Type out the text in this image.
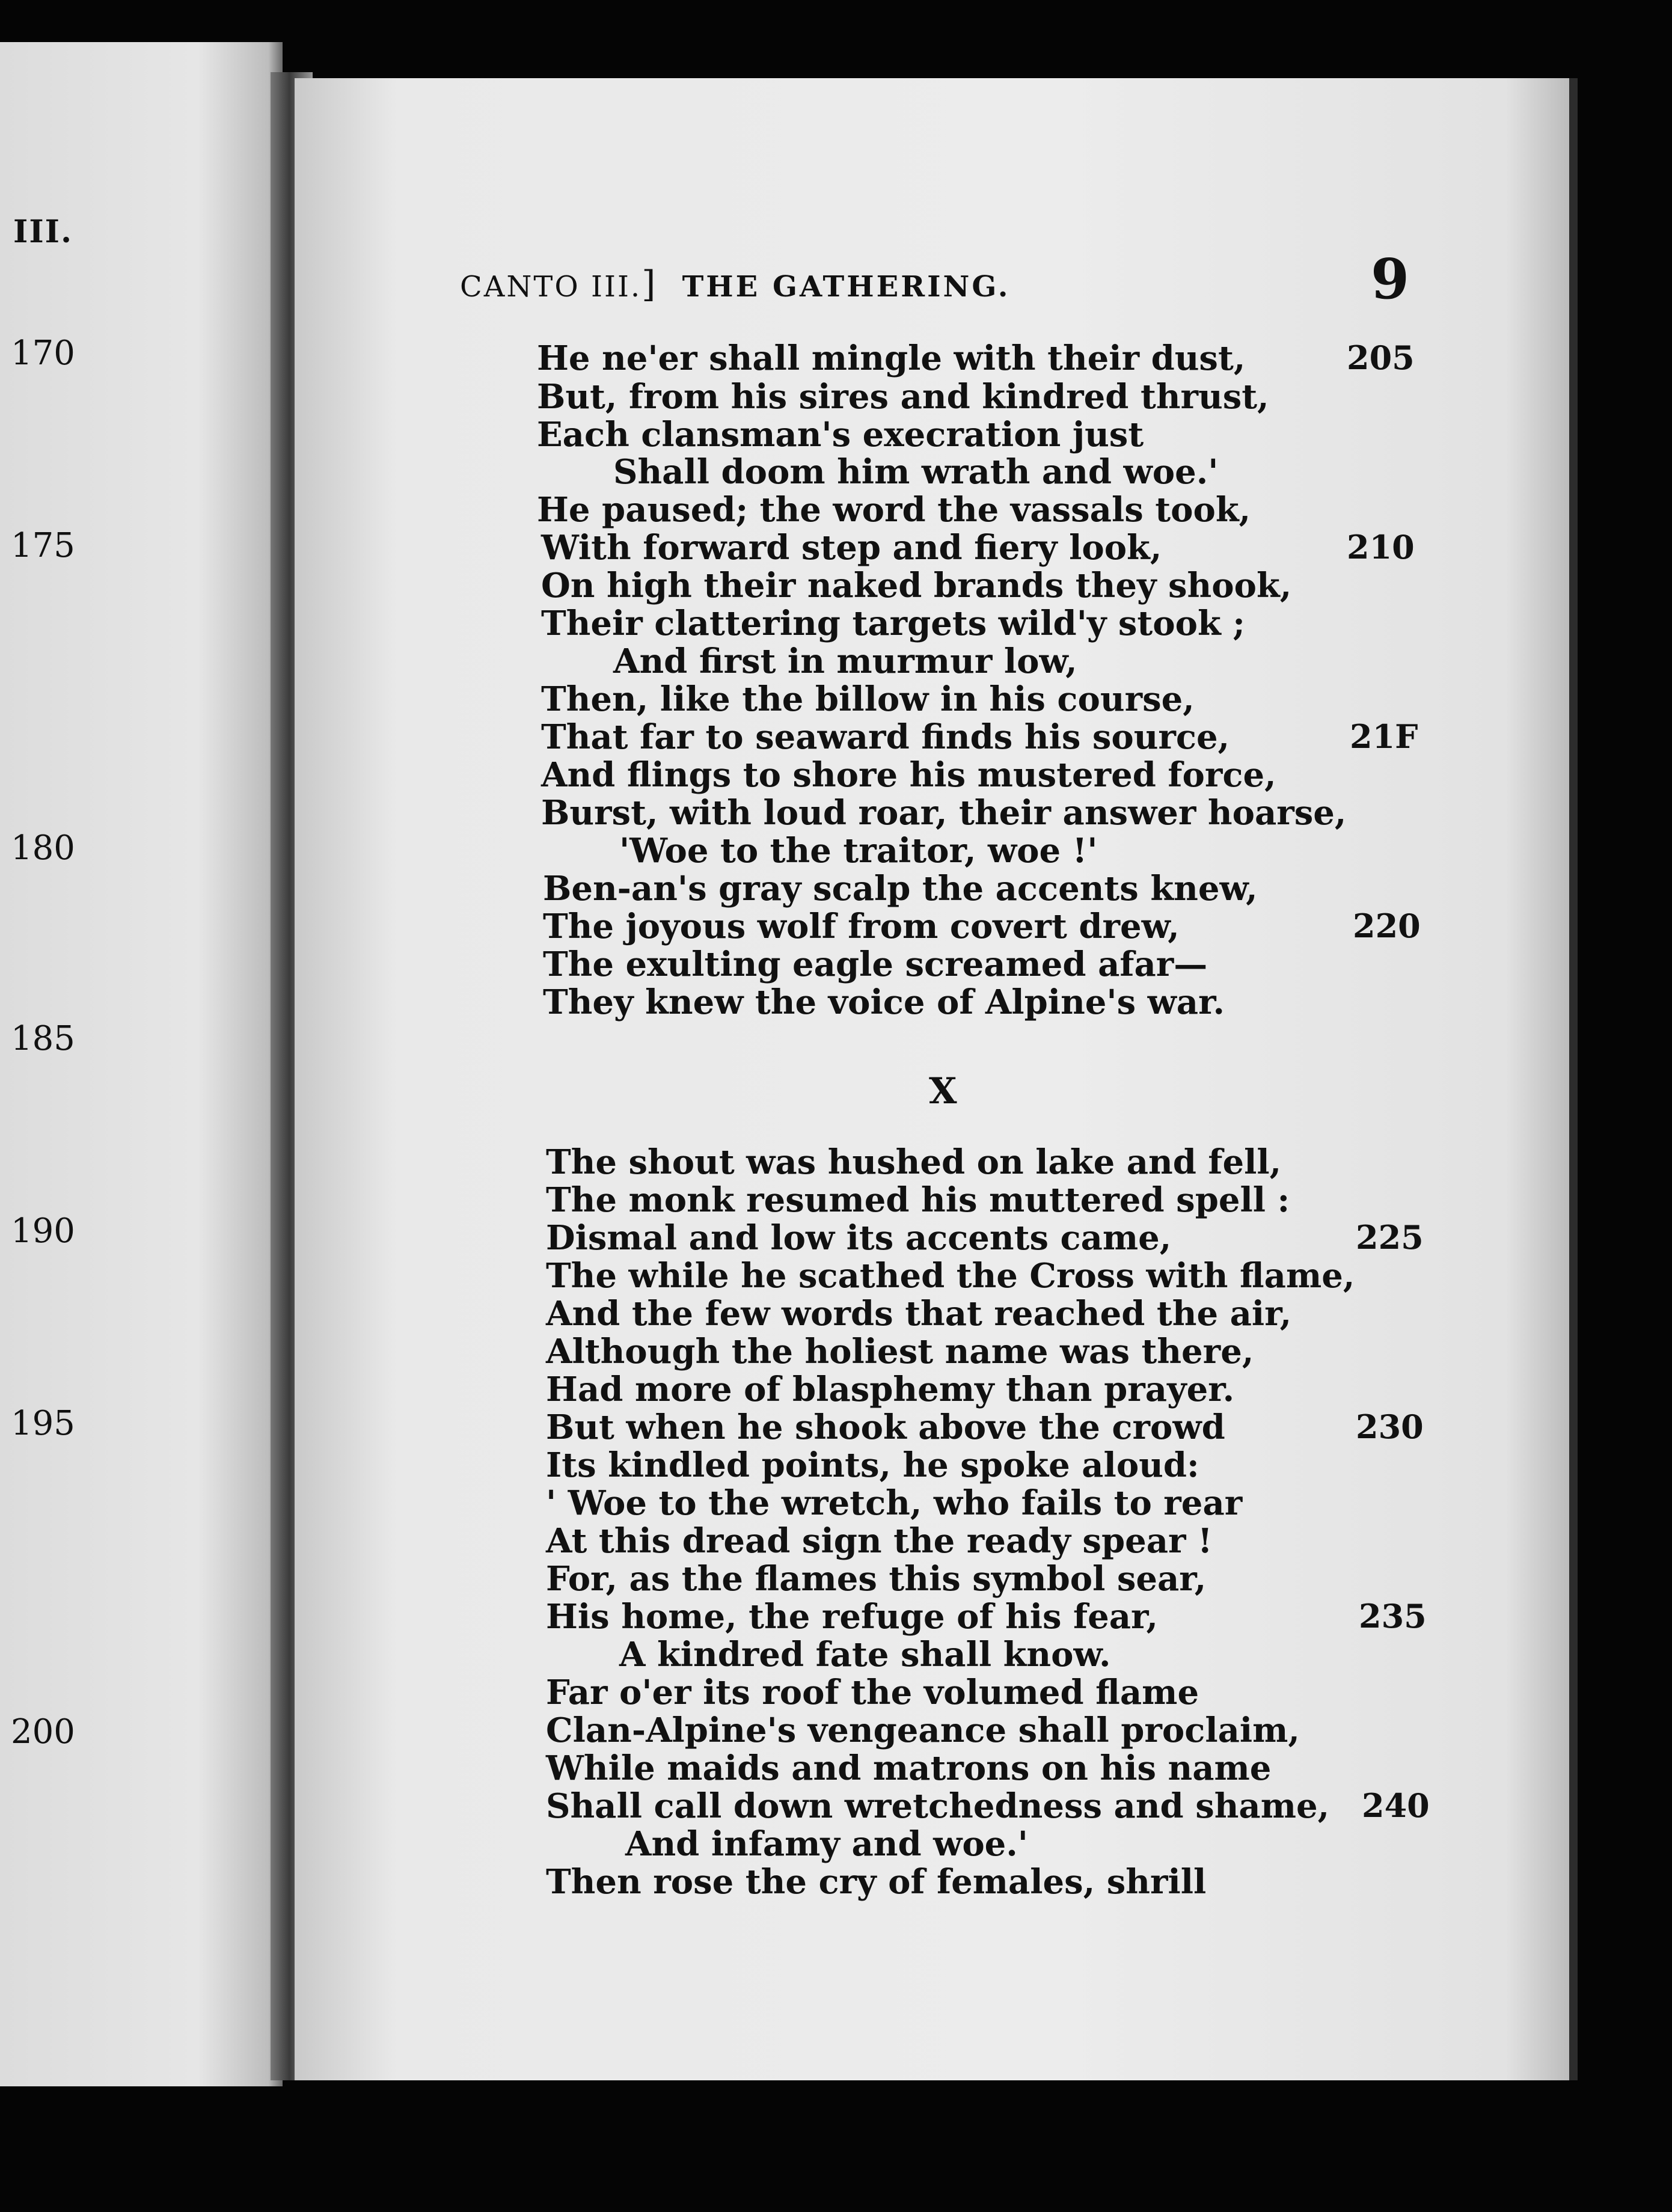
III.
170
175
180
185
190
195
200
CANTO III.] THE GATHERING.	9
X
He ne'er shall mingle with their dust,
But, from his sires and kindred thrust,
Each clansman's execration just
Shall doom him wrath and woe.'
He paused; the word the vassals took,
With forward step and fiery look,
On high their naked brands they shook,
Their clattering targets wild'y stook ;
And first in murmur low,
Then, like the billow in his course,
That far to seaward finds his source,
And flings to shore his mustered force,
Burst, with loud roar, their answer hoarse,
'Woe to the traitor, woe !'
Ben-an's gray scalp the accents knew,
The joyous wolf from covert drew,
The exulting eagle screamed afar—
They knew the voice of Alpine's war.
The shout was hushed on lake and fell,
The monk resumed his muttered spell :
Dismal and low its accents came,
The while he scathed the Cross with flame,
And the few words that reached the air,
Although the holiest name was there,
Had more of blasphemy than prayer.
But when he shook above the crowd
Its kindled points, he spoke aloud:
' Woe to the wretch, who fails to rear
At this dread sign the ready spear !
For, as the flames this symbol sear,
His home, the refuge of his fear,
A kindred fate shall know.
Far o'er its roof the volumed flame
Clan-Alpine's vengeance shall proclaim,
While maids and matrons on his name
Shall call down wretchedness and shame,
And infamy and woe.'
Then rose the cry of females, shrill
205
210
21F
220
225
230
235
240
